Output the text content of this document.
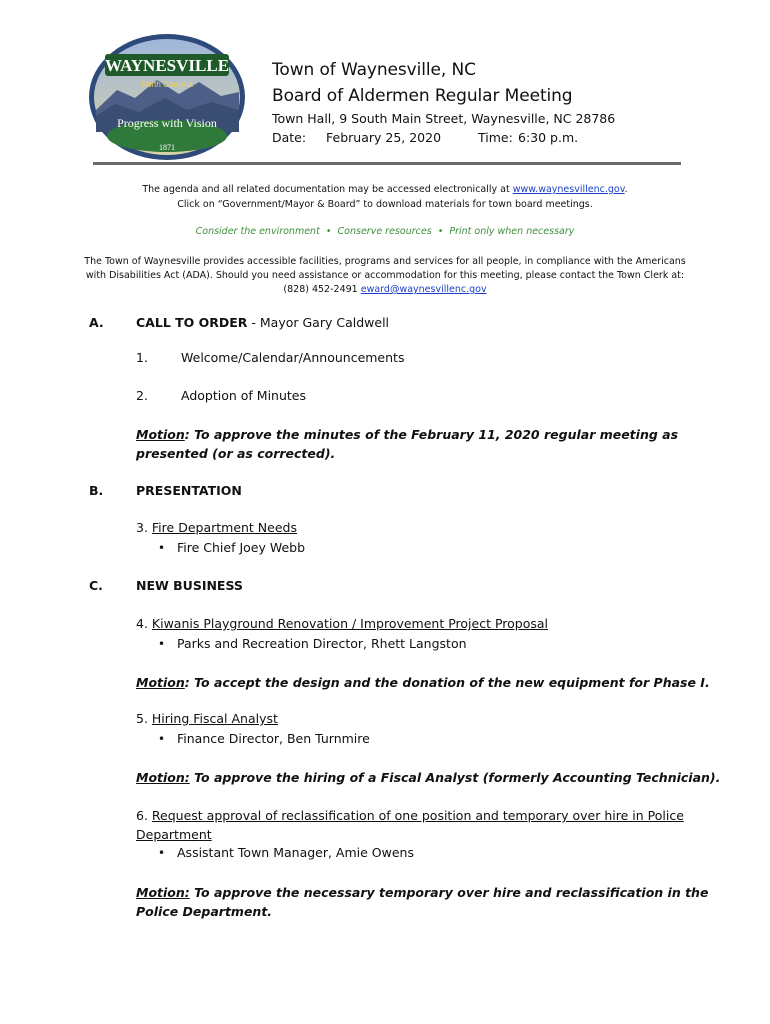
WAYNESVILLE
North Carolina
Progress with Vision
1871
Town of Waynesville, NC
Board of Aldermen Regular Meeting
Town Hall, 9 South Main Street, Waynesville, NC 28786
Date: February 25, 2020	Time: 6:30 p.m.
The agenda and all related documentation may be accessed electronically at www.waynesvillenc.gov.
Click on “Government/Mayor & Board” to download materials for town board meetings.
Consider the environment  •  Conserve resources  •  Print only when necessary
The Town of Waynesville provides accessible facilities, programs and services for all people, in compliance with the Americans
with Disabilities Act (ADA). Should you need assistance or accommodation for this meeting, please contact the Town Clerk at:
(828) 452-2491 eward@waynesvillenc.gov
A.	CALL TO ORDER - Mayor Gary Caldwell
1.	Welcome/Calendar/Announcements
2.	Adoption of Minutes
Motion: To approve the minutes of the February 11, 2020 regular meeting as
presented (or as corrected).
B.	PRESENTATION
3. Fire Department Needs
• Fire Chief Joey Webb
C.	NEW BUSINESS
4. Kiwanis Playground Renovation / Improvement Project Proposal
• Parks and Recreation Director, Rhett Langston
Motion: To accept the design and the donation of the new equipment for Phase I.
5. Hiring Fiscal Analyst
• Finance Director, Ben Turnmire
Motion: To approve the hiring of a Fiscal Analyst (formerly Accounting Technician).
6. Request approval of reclassification of one position and temporary over hire in Police
Department
• Assistant Town Manager, Amie Owens
Motion: To approve the necessary temporary over hire and reclassification in the
Police Department.
